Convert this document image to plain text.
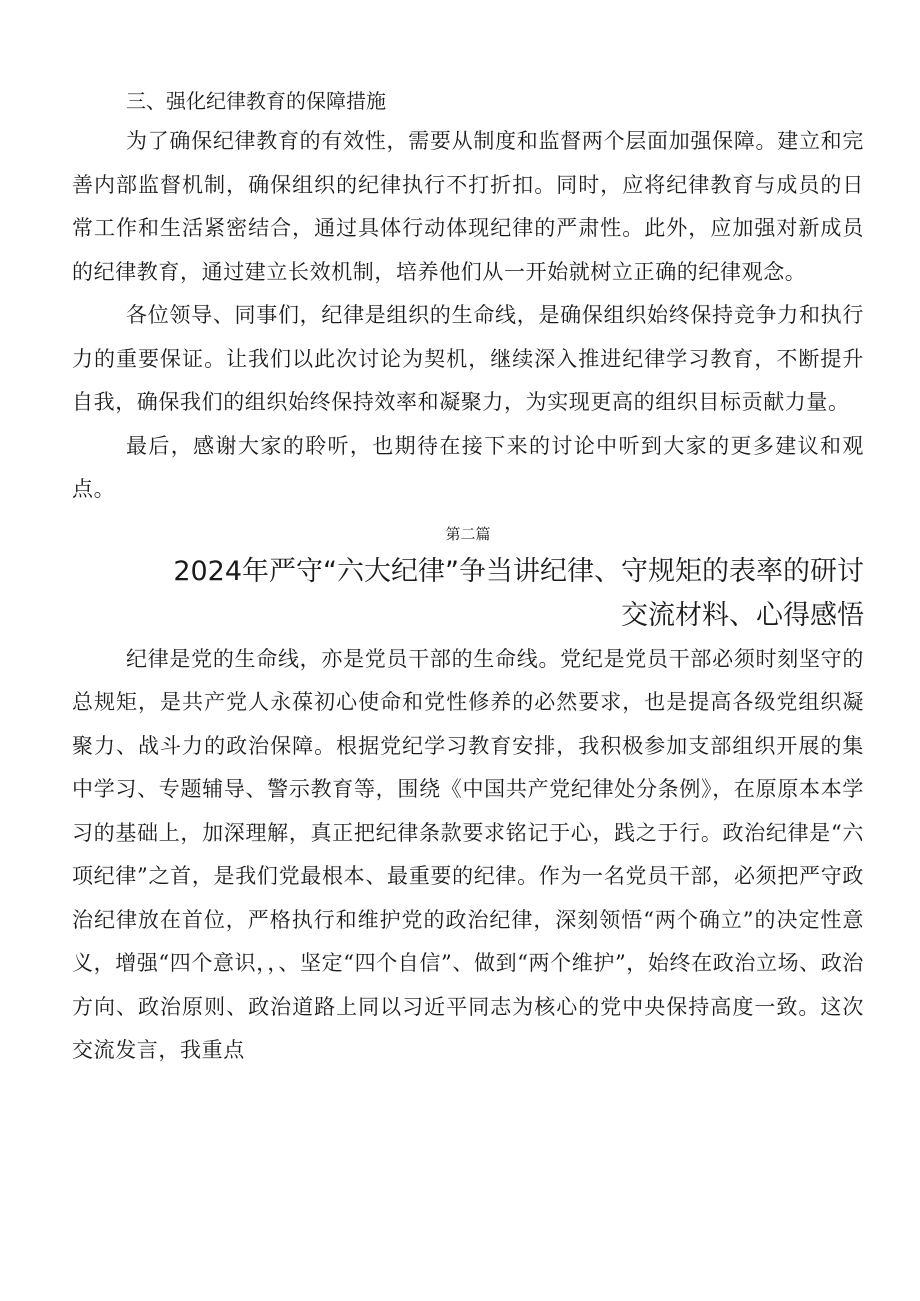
三、强化纪律教育的保障措施

为了确保纪律教育的有效性，需要从制度和监督两个层面加强保障。建立和完善内部监督机制，确保组织的纪律执行不打折扣。同时，应将纪律教育与成员的日常工作和生活紧密结合，通过具体行动体现纪律的严肃性。此外，应加强对新成员的纪律教育，通过建立长效机制，培养他们从一开始就树立正确的纪律观念。

各位领导、同事们，纪律是组织的生命线，是确保组织始终保持竞争力和执行力的重要保证。让我们以此次讨论为契机，继续深入推进纪律学习教育，不断提升自我，确保我们的组织始终保持效率和凝聚力，为实现更高的组织目标贡献力量。

最后，感谢大家的聆听，也期待在接下来的讨论中听到大家的更多建议和观点。

第二篇
2024年严守“六大纪律”争当讲纪律、守规矩的表率的研讨
交流材料、心得感悟

纪律是党的生命线，亦是党员干部的生命线。党纪是党员干部必须时刻坚守的总规矩，是共产党人永葆初心使命和党性修养的必然要求，也是提高各级党组织凝聚力、战斗力的政治保障。根据党纪学习教育安排，我积极参加支部组织开展的集中学习、专题辅导、警示教育等，围绕《中国共产党纪律处分条例》，在原原本本学习的基础上，加深理解，真正把纪律条款要求铭记于心，践之于行。政治纪律是“六项纪律”之首，是我们党最根本、最重要的纪律。作为一名党员干部，必须把严守政治纪律放在首位，严格执行和维护党的政治纪律，深刻领悟“两个确立”的决定性意义，增强“四个意识，，、坚定“四个自信”、做到“两个维护”，始终在政治立场、政治方向、政治原则、政治道路上同以习近平同志为核心的党中央保持高度一致。这次交流发言，我重点
